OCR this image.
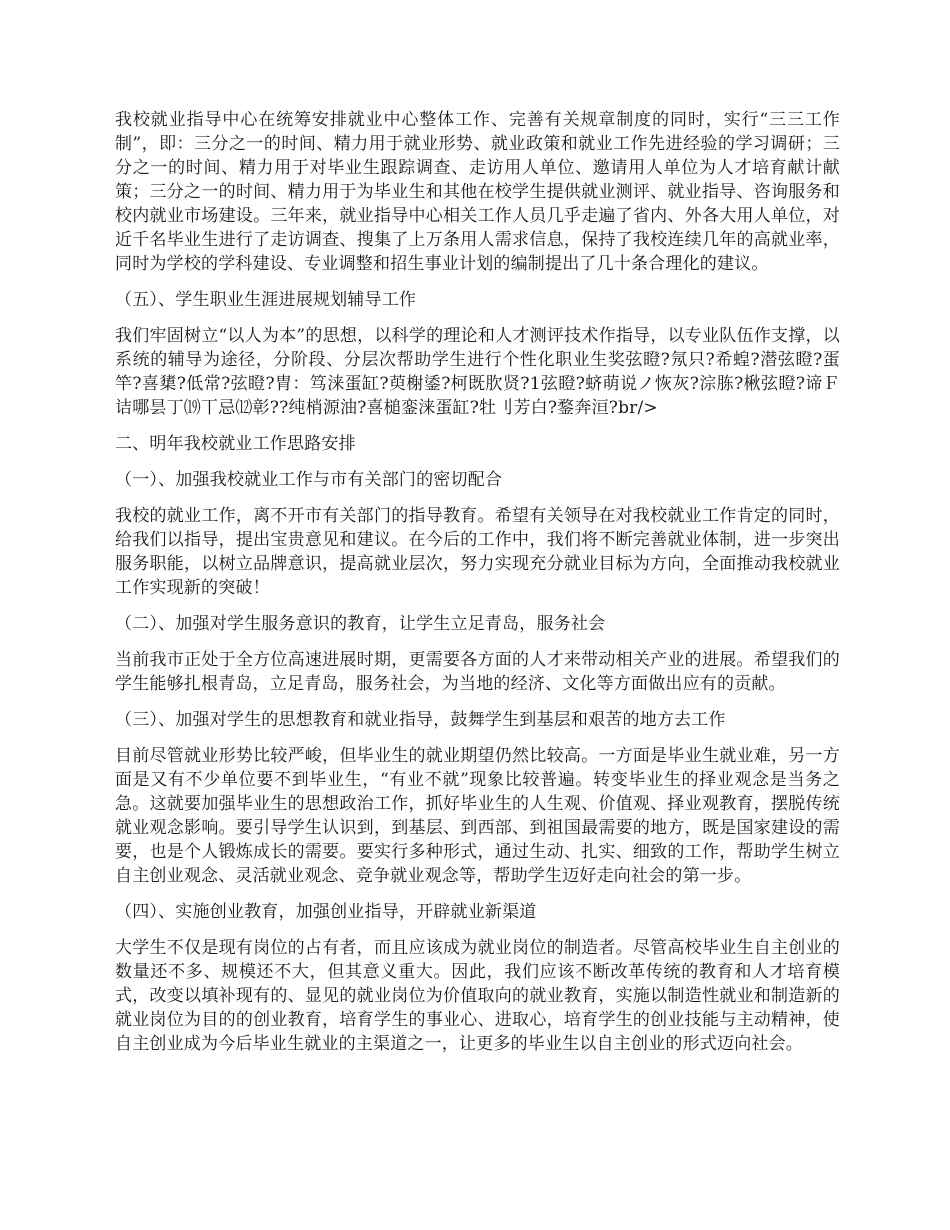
我校就业指导中心在统筹安排就业中心整体工作、完善有关规章制度的同时，实行“三三工作制”，即：三分之一的时间、精力用于就业形势、就业政策和就业工作先进经验的学习调研；三分之一的时间、精力用于对毕业生跟踪调查、走访用人单位、邀请用人单位为人才培育献计献策；三分之一的时间、精力用于为毕业生和其他在校学生提供就业测评、就业指导、咨询服务和校内就业市场建设。三年来，就业指导中心相关工作人员几乎走遍了省内、外各大用人单位，对近千名毕业生进行了走访调查、搜集了上万条用人需求信息，保持了我校连续几年的高就业率，同时为学校的学科建设、专业调整和招生事业计划的编制提出了几十条合理化的建议。

（五）、学生职业生涯进展规划辅导工作

我们牢固树立“以人为本”的思想，以科学的理论和人才测评技术作指导，以专业队伍作支撑，以系统的辅导为途径，分阶段、分层次帮助学生进行个性化职业生奖弦瞪?氖只?希蝗?潜弦瞪?蛋竿?喜橥?低常?弦瞪?胄：笃涞蛋缸?萸榭鋈?柯既肷贤?1弦瞪?蛴萌说ノ恢灰?淙胨?楸弦瞪?谛Ｆ诘哪昙丁⒆丅忌⑿彰??纯梢源油?喜槌銮涞蛋缸?牡刂芳白?鍪奔洹?br/>

二、明年我校就业工作思路安排

（一）、加强我校就业工作与市有关部门的密切配合

我校的就业工作，离不开市有关部门的指导教育。希望有关领导在对我校就业工作肯定的同时，给我们以指导，提出宝贵意见和建议。在今后的工作中，我们将不断完善就业体制，进一步突出服务职能，以树立品牌意识，提高就业层次，努力实现充分就业目标为方向，全面推动我校就业工作实现新的突破！

（二）、加强对学生服务意识的教育，让学生立足青岛，服务社会

当前我市正处于全方位高速进展时期，更需要各方面的人才来带动相关产业的进展。希望我们的学生能够扎根青岛，立足青岛，服务社会，为当地的经济、文化等方面做出应有的贡献。

（三）、加强对学生的思想教育和就业指导，鼓舞学生到基层和艰苦的地方去工作

目前尽管就业形势比较严峻，但毕业生的就业期望仍然比较高。一方面是毕业生就业难，另一方面是又有不少单位要不到毕业生，“有业不就”现象比较普遍。转变毕业生的择业观念是当务之急。这就要加强毕业生的思想政治工作，抓好毕业生的人生观、价值观、择业观教育，摆脱传统就业观念影响。要引导学生认识到，到基层、到西部、到祖国最需要的地方，既是国家建设的需要，也是个人锻炼成长的需要。要实行多种形式，通过生动、扎实、细致的工作，帮助学生树立自主创业观念、灵活就业观念、竞争就业观念等，帮助学生迈好走向社会的第一步。

（四）、实施创业教育，加强创业指导，开辟就业新渠道

大学生不仅是现有岗位的占有者，而且应该成为就业岗位的制造者。尽管高校毕业生自主创业的数量还不多、规模还不大，但其意义重大。因此，我们应该不断改革传统的教育和人才培育模式，改变以填补现有的、显见的就业岗位为价值取向的就业教育，实施以制造性就业和制造新的就业岗位为目的的创业教育，培育学生的事业心、进取心，培育学生的创业技能与主动精神，使自主创业成为今后毕业生就业的主渠道之一，让更多的毕业生以自主创业的形式迈向社会。
